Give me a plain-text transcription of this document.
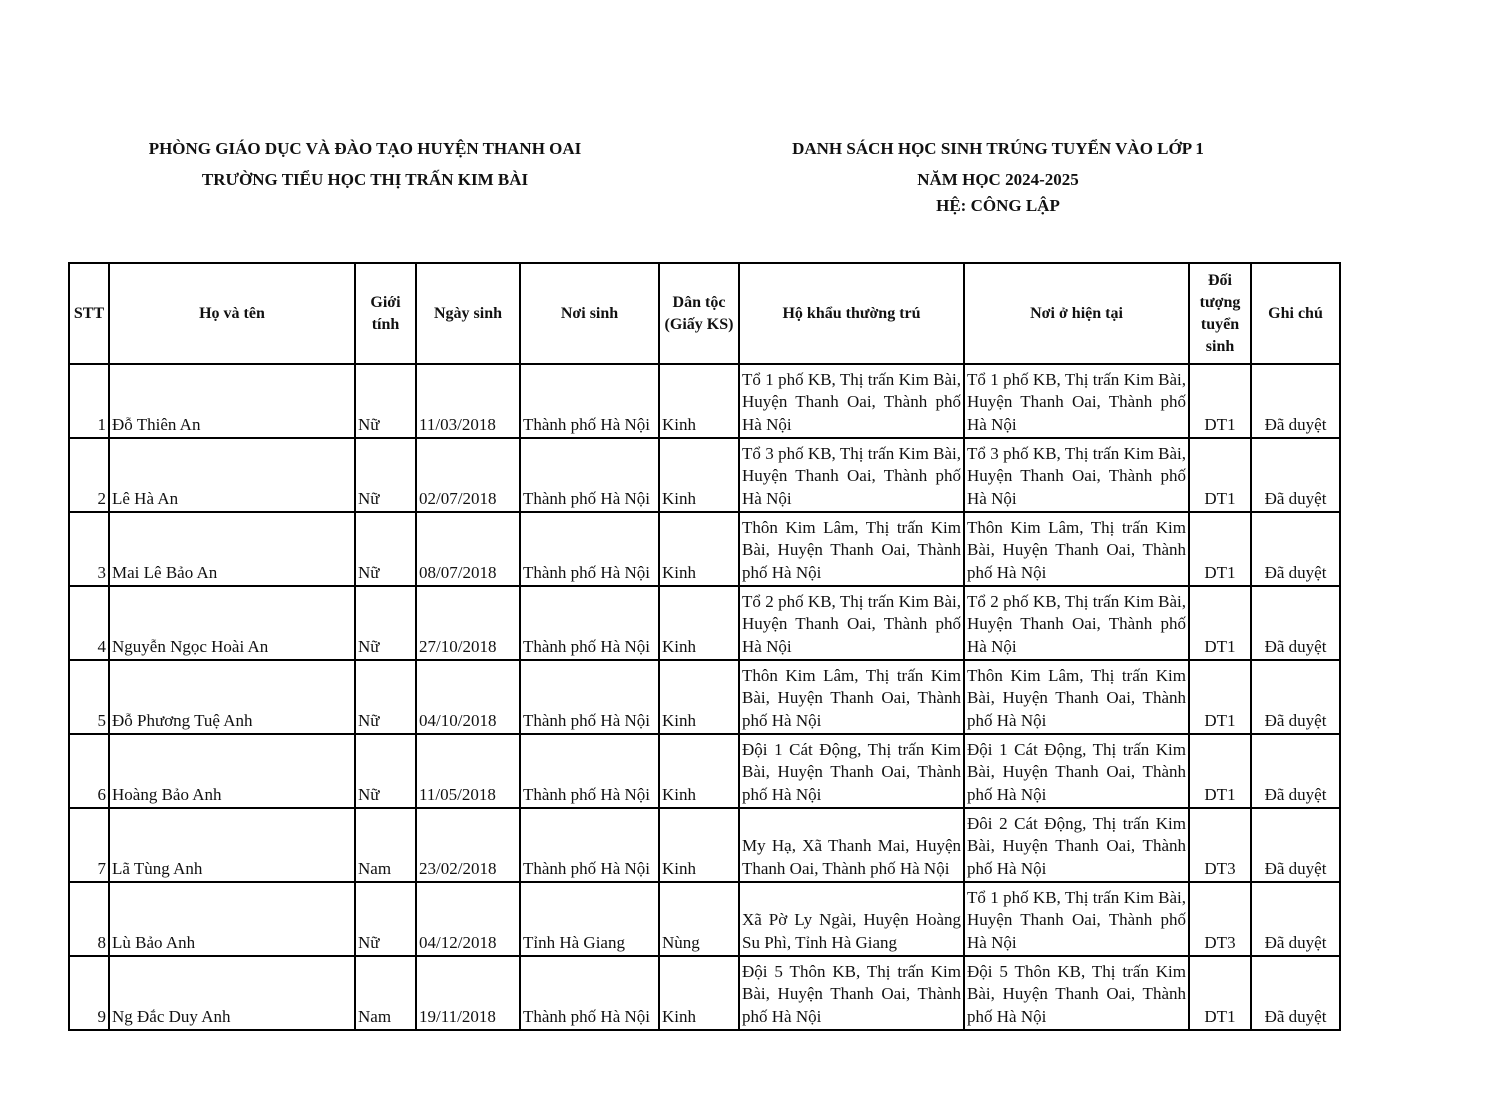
PHÒNG GIÁO DỤC VÀ ĐÀO TẠO HUYỆN THANH OAI
TRƯỜNG TIỂU HỌC THỊ TRẤN KIM BÀI
DANH SÁCH HỌC SINH TRÚNG TUYỂN VÀO LỚP 1
NĂM HỌC 2024-2025
HỆ: CÔNG LẬP
STT	Họ và tên	Giới tính	Ngày sinh	Nơi sinh	Dân tộc (Giấy KS)	Hộ khẩu thường trú	Nơi ở hiện tại	Đối tượng tuyển sinh	Ghi chú
1	Đỗ Thiên An	Nữ	11/03/2018	Thành phố Hà Nội	Kinh	Tổ 1 phố KB, Thị trấn Kim Bài, Huyện Thanh Oai, Thành phố Hà Nội	Tổ 1 phố KB, Thị trấn Kim Bài, Huyện Thanh Oai, Thành phố Hà Nội	DT1	Đã duyệt
2	Lê Hà An	Nữ	02/07/2018	Thành phố Hà Nội	Kinh	Tổ 3 phố KB, Thị trấn Kim Bài, Huyện Thanh Oai, Thành phố Hà Nội	Tổ 3 phố KB, Thị trấn Kim Bài, Huyện Thanh Oai, Thành phố Hà Nội	DT1	Đã duyệt
3	Mai Lê Bảo An	Nữ	08/07/2018	Thành phố Hà Nội	Kinh	Thôn Kim Lâm, Thị trấn Kim Bài, Huyện Thanh Oai, Thành phố Hà Nội	Thôn Kim Lâm, Thị trấn Kim Bài, Huyện Thanh Oai, Thành phố Hà Nội	DT1	Đã duyệt
4	Nguyễn Ngọc Hoài An	Nữ	27/10/2018	Thành phố Hà Nội	Kinh	Tổ 2 phố KB, Thị trấn Kim Bài, Huyện Thanh Oai, Thành phố Hà Nội	Tổ 2 phố KB, Thị trấn Kim Bài, Huyện Thanh Oai, Thành phố Hà Nội	DT1	Đã duyệt
5	Đỗ Phương Tuệ Anh	Nữ	04/10/2018	Thành phố Hà Nội	Kinh	Thôn Kim Lâm, Thị trấn Kim Bài, Huyện Thanh Oai, Thành phố Hà Nội	Thôn Kim Lâm, Thị trấn Kim Bài, Huyện Thanh Oai, Thành phố Hà Nội	DT1	Đã duyệt
6	Hoàng Bảo Anh	Nữ	11/05/2018	Thành phố Hà Nội	Kinh	Đội 1 Cát Động, Thị trấn Kim Bài, Huyện Thanh Oai, Thành phố Hà Nội	Đội 1 Cát Động, Thị trấn Kim Bài, Huyện Thanh Oai, Thành phố Hà Nội	DT1	Đã duyệt
7	Lã Tùng Anh	Nam	23/02/2018	Thành phố Hà Nội	Kinh	My Hạ, Xã Thanh Mai, Huyện Thanh Oai, Thành phố Hà Nội	Đôi 2 Cát Động, Thị trấn Kim Bài, Huyện Thanh Oai, Thành phố Hà Nội	DT3	Đã duyệt
8	Lù Bảo Anh	Nữ	04/12/2018	Tỉnh Hà Giang	Nùng	Xã Pờ Ly Ngài, Huyện Hoàng Su Phì, Tỉnh Hà Giang	Tổ 1 phố KB, Thị trấn Kim Bài, Huyện Thanh Oai, Thành phố Hà Nội	DT3	Đã duyệt
9	Ng Đắc Duy Anh	Nam	19/11/2018	Thành phố Hà Nội	Kinh	Đội 5 Thôn KB, Thị trấn Kim Bài, Huyện Thanh Oai, Thành phố Hà Nội	Đội 5 Thôn KB, Thị trấn Kim Bài, Huyện Thanh Oai, Thành phố Hà Nội	DT1	Đã duyệt
